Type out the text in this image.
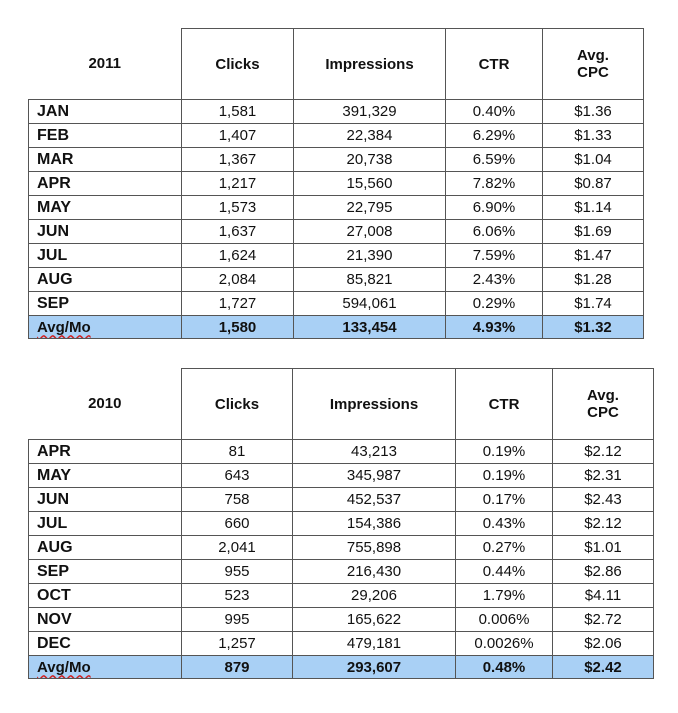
2011	Clicks	Impressions	CTR	Avg.
CPC
JAN	1,581	391,329	0.40%	$1.36
FEB	1,407	22,384	6.29%	$1.33
MAR	1,367	20,738	6.59%	$1.04
APR	1,217	15,560	7.82%	$0.87
MAY	1,573	22,795	6.90%	$1.14
JUN	1,637	27,008	6.06%	$1.69
JUL	1,624	21,390	7.59%	$1.47
AUG	2,084	85,821	2.43%	$1.28
SEP	1,727	594,061	0.29%	$1.74
Avg/Mo	1,580	133,454	4.93%	$1.32
2010	Clicks	Impressions	CTR	Avg.
CPC
APR	81	43,213	0.19%	$2.12
MAY	643	345,987	0.19%	$2.31
JUN	758	452,537	0.17%	$2.43
JUL	660	154,386	0.43%	$2.12
AUG	2,041	755,898	0.27%	$1.01
SEP	955	216,430	0.44%	$2.86
OCT	523	29,206	1.79%	$4.11
NOV	995	165,622	0.006%	$2.72
DEC	1,257	479,181	0.0026%	$2.06
Avg/Mo	879	293,607	0.48%	$2.42
